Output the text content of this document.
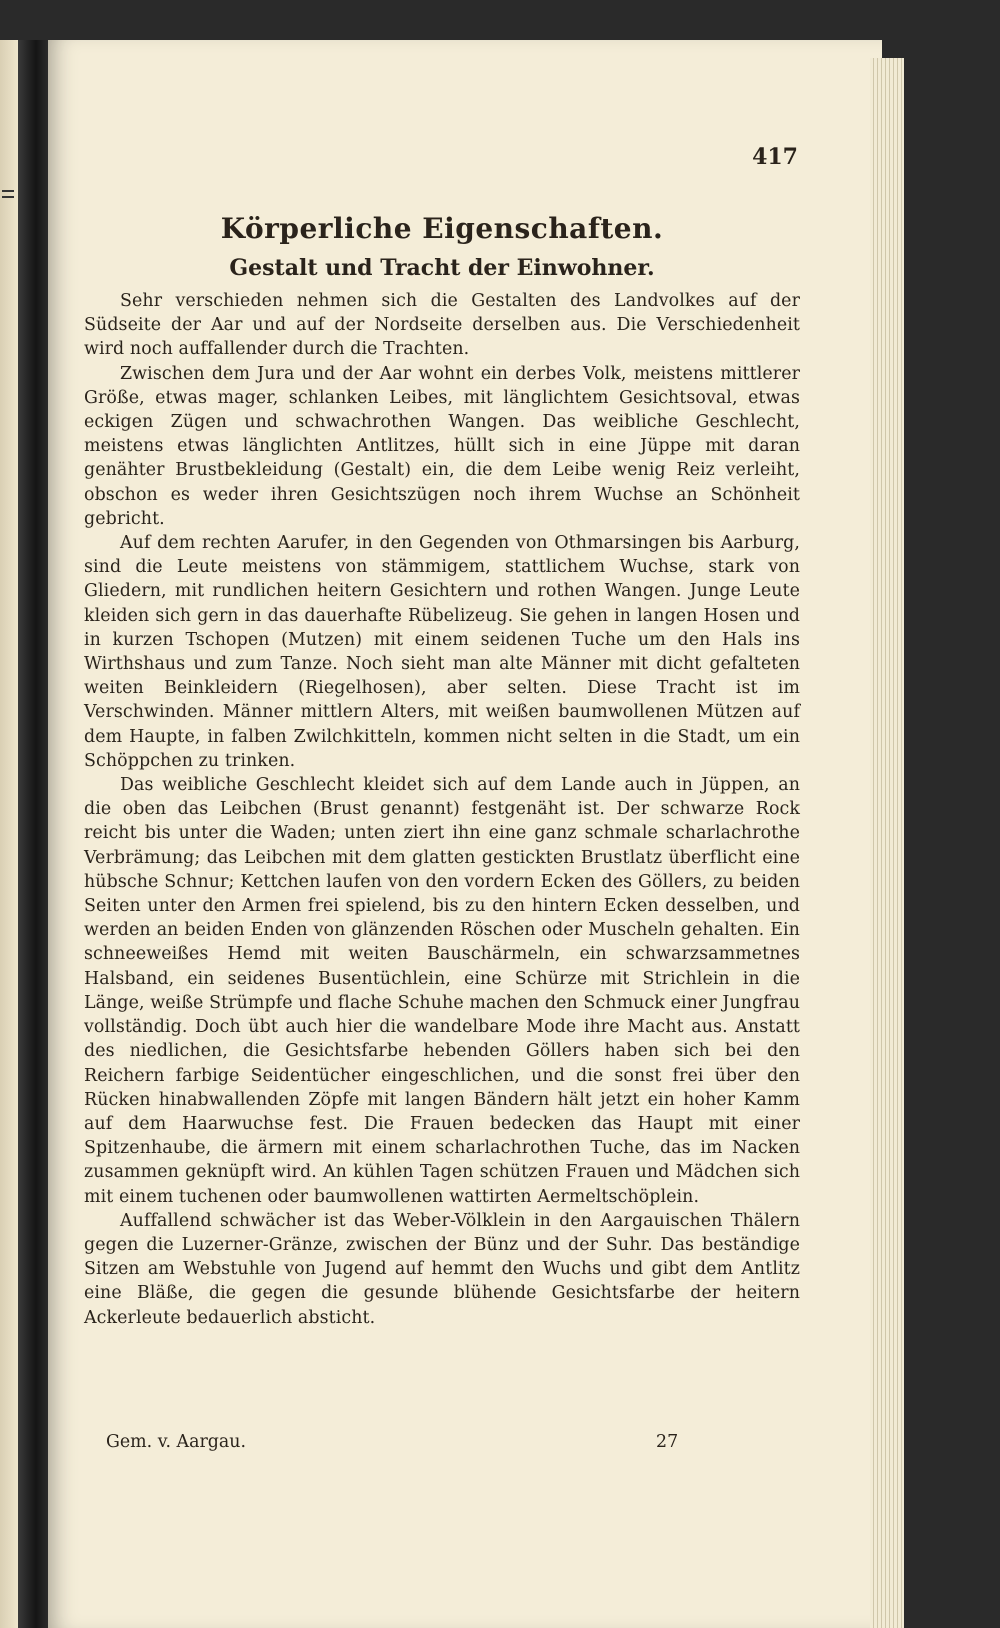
417
Körperliche Eigenschaften.
Gestalt und Tracht der Einwohner.

Sehr verschieden nehmen sich die Gestalten des Landvolkes auf der Südseite der Aar und auf der Nordseite derselben aus. Die Verschiedenheit wird noch auffallender durch die Trachten.

Zwischen dem Jura und der Aar wohnt ein derbes Volk, meistens mittlerer Größe, etwas mager, schlanken Leibes, mit länglichtem Gesichtsoval, etwas eckigen Zügen und schwachrothen Wangen. Das weibliche Geschlecht, meistens etwas länglichten Antlitzes, hüllt sich in eine Jüppe mit daran genähter Brustbekleidung (Gestalt) ein, die dem Leibe wenig Reiz verleiht, obschon es weder ihren Gesichtszügen noch ihrem Wuchse an Schönheit gebricht.

Auf dem rechten Aarufer, in den Gegenden von Othmarsingen bis Aarburg, sind die Leute meistens von stämmigem, stattlichem Wuchse, stark von Gliedern, mit rundlichen heitern Gesichtern und rothen Wangen. Junge Leute kleiden sich gern in das dauerhafte Rübelizeug. Sie gehen in langen Hosen und in kurzen Tschopen (Mutzen) mit einem seidenen Tuche um den Hals ins Wirthshaus und zum Tanze. Noch sieht man alte Männer mit dicht gefalteten weiten Beinkleidern (Riegelhosen), aber selten. Diese Tracht ist im Verschwinden. Männer mittlern Alters, mit weißen baumwollenen Mützen auf dem Haupte, in falben Zwilchkitteln, kommen nicht selten in die Stadt, um ein Schöppchen zu trinken.

Das weibliche Geschlecht kleidet sich auf dem Lande auch in Jüppen, an die oben das Leibchen (Brust genannt) festgenäht ist. Der schwarze Rock reicht bis unter die Waden; unten ziert ihn eine ganz schmale scharlachrothe Verbrämung; das Leibchen mit dem glatten gestickten Brustlatz überflicht eine hübsche Schnur; Kettchen laufen von den vordern Ecken des Göllers, zu beiden Seiten unter den Armen frei spielend, bis zu den hintern Ecken desselben, und werden an beiden Enden von glänzenden Röschen oder Muscheln gehalten. Ein schneeweißes Hemd mit weiten Bauschärmeln, ein schwarzsammetnes Halsband, ein seidenes Busentüchlein, eine Schürze mit Strichlein in die Länge, weiße Strümpfe und flache Schuhe machen den Schmuck einer Jungfrau vollständig. Doch übt auch hier die wandelbare Mode ihre Macht aus. Anstatt des niedlichen, die Gesichtsfarbe hebenden Göllers haben sich bei den Reichern farbige Seidentücher eingeschlichen, und die sonst frei über den Rücken hinabwallenden Zöpfe mit langen Bändern hält jetzt ein hoher Kamm auf dem Haarwuchse fest. Die Frauen bedecken das Haupt mit einer Spitzenhaube, die ärmern mit einem scharlachrothen Tuche, das im Nacken zusammen geknüpft wird. An kühlen Tagen schützen Frauen und Mädchen sich mit einem tuchenen oder baumwollenen wattirten Aermeltschöplein.

Auffallend schwächer ist das Weber-Völklein in den Aargauischen Thälern gegen die Luzerner-Gränze, zwischen der Bünz und der Suhr. Das beständige Sitzen am Webstuhle von Jugend auf hemmt den Wuchs und gibt dem Antlitz eine Bläße, die gegen die gesunde blühende Gesichtsfarbe der heitern Ackerleute bedauerlich absticht.

Gem. v. Aargau.	27
